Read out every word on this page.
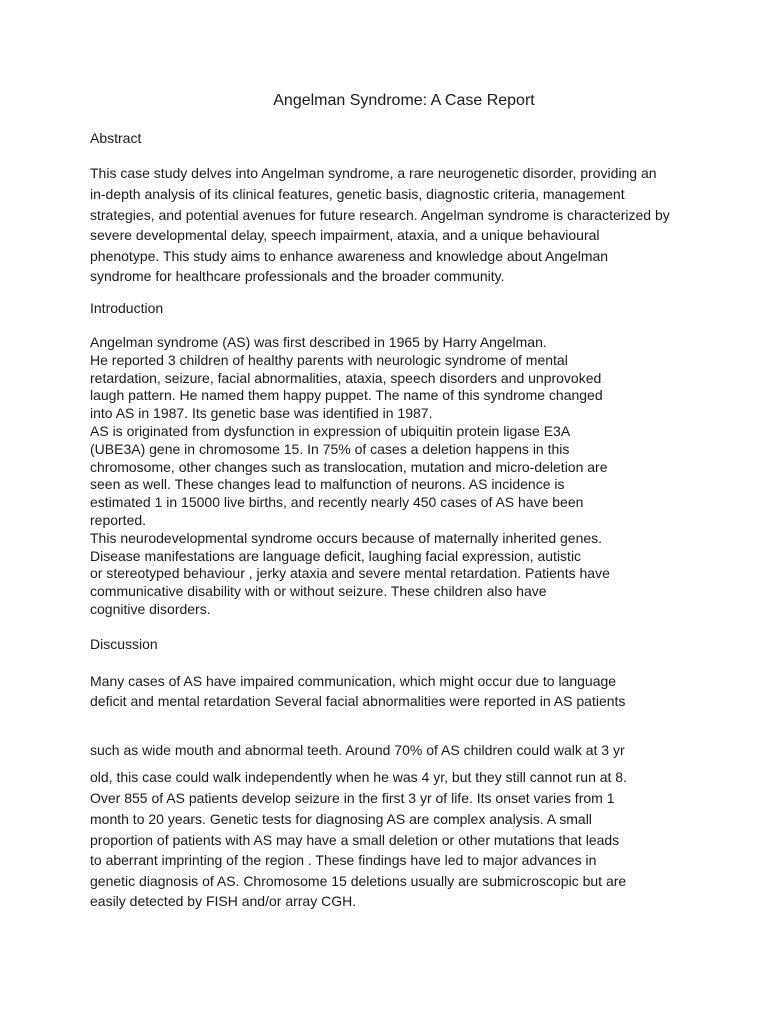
Angelman Syndrome: A Case Report
Abstract

This case study delves into Angelman syndrome, a rare neurogenetic disorder, providing an

in-depth analysis of its clinical features, genetic basis, diagnostic criteria, management

strategies, and potential avenues for future research. Angelman syndrome is characterized by

severe developmental delay, speech impairment, ataxia, and a unique behavioural

phenotype. This study aims to enhance awareness and knowledge about Angelman

syndrome for healthcare professionals and the broader community.

Introduction

Angelman syndrome (AS) was first described in 1965 by Harry Angelman.

He reported 3 children of healthy parents with neurologic syndrome of mental

retardation, seizure, facial abnormalities, ataxia, speech disorders and unprovoked

laugh pattern. He named them happy puppet. The name of this syndrome changed

into AS in 1987. Its genetic base was identified in 1987.

AS is originated from dysfunction in expression of ubiquitin protein ligase E3A

(UBE3A) gene in chromosome 15. In 75% of cases a deletion happens in this

chromosome, other changes such as translocation, mutation and micro-deletion are

seen as well. These changes lead to malfunction of neurons. AS incidence is

estimated 1 in 15000 live births, and recently nearly 450 cases of AS have been

reported.

This neurodevelopmental syndrome occurs because of maternally inherited genes.

Disease manifestations are language deficit, laughing facial expression, autistic

or stereotyped behaviour , jerky ataxia and severe mental retardation. Patients have

communicative disability with or without seizure. These children also have

cognitive disorders.

Discussion

Many cases of AS have impaired communication, which might occur due to language

deficit and mental retardation Several facial abnormalities were reported in AS patients

such as wide mouth and abnormal teeth. Around 70% of AS children could walk at 3 yr

old, this case could walk independently when he was 4 yr, but they still cannot run at 8.

Over 855 of AS patients develop seizure in the first 3 yr of life. Its onset varies from 1

month to 20 years. Genetic tests for diagnosing AS are complex analysis. A small

proportion of patients with AS may have a small deletion or other mutations that leads

to aberrant imprinting of the region . These findings have led to major advances in

genetic diagnosis of AS. Chromosome 15 deletions usually are submicroscopic but are

easily detected by FISH and/or array CGH.
